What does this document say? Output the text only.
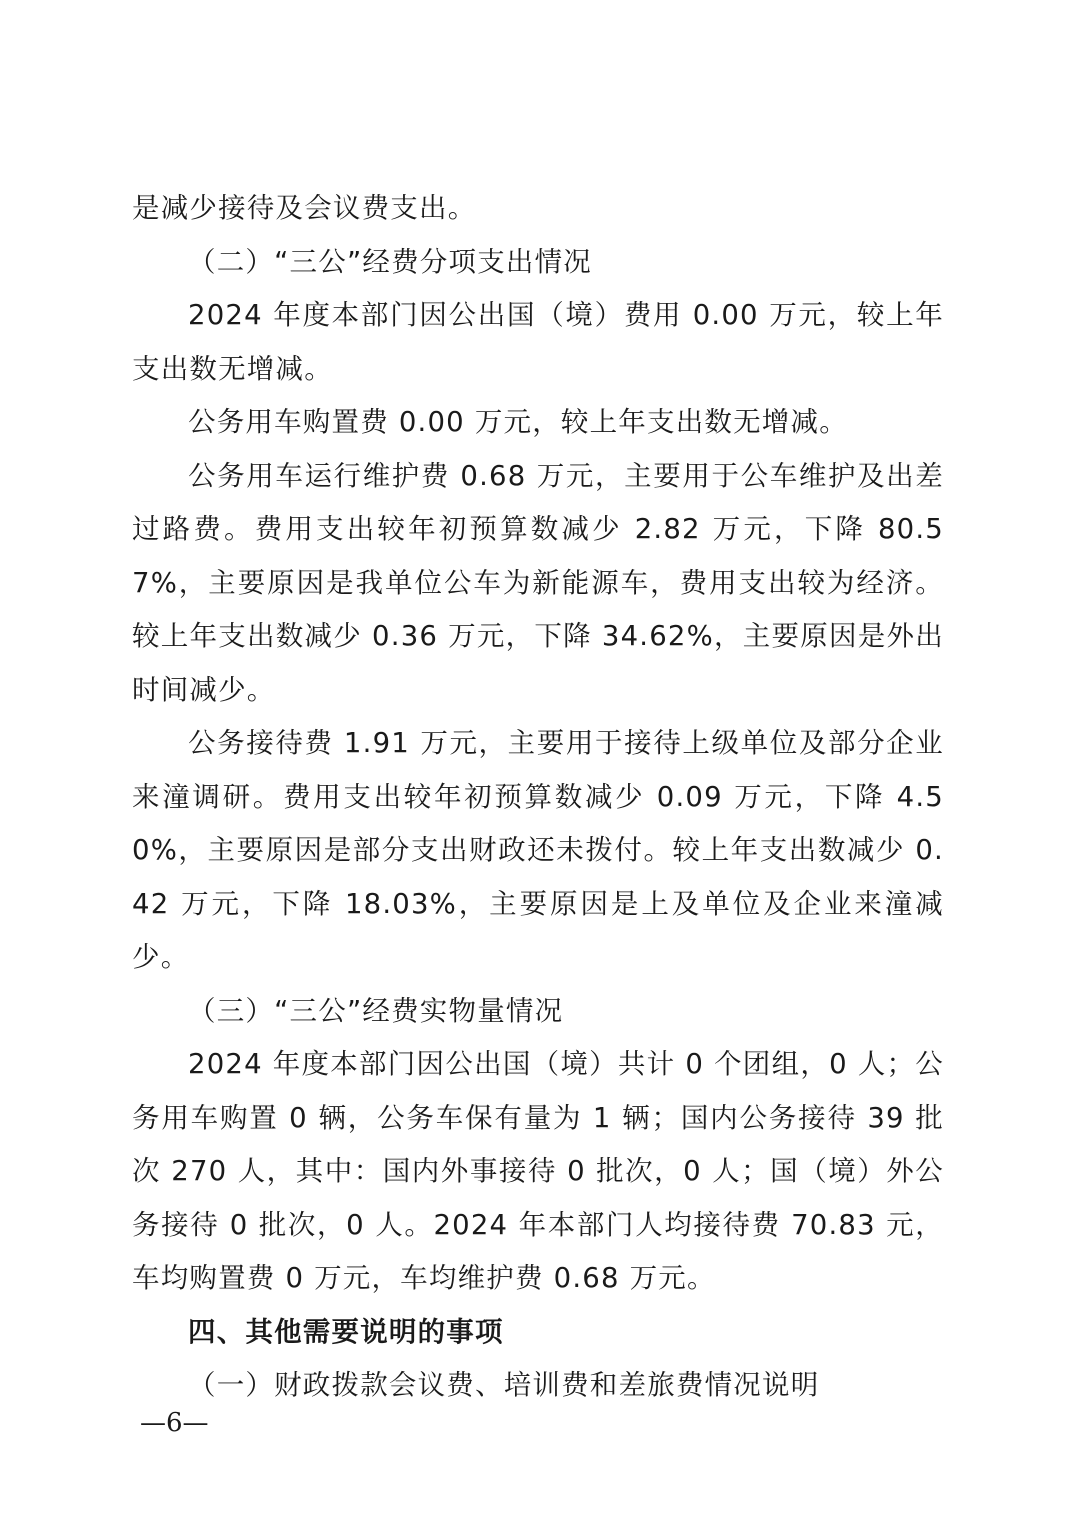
是减少接待及会议费支出。

（二）“三公”经费分项支出情况

2024 年度本部门因公出国（境）费用 0.00 万元，较上年支出数无增减。

公务用车购置费 0.00 万元，较上年支出数无增减。

公务用车运行维护费 0.68 万元，主要用于公车维护及出差过路费。费用支出较年初预算数减少 2.82 万元，下降 80.57%，主要原因是我单位公车为新能源车，费用支出较为经济。较上年支出数减少 0.36 万元，下降 34.62%，主要原因是外出时间减少。

公务接待费 1.91 万元，主要用于接待上级单位及部分企业来潼调研。费用支出较年初预算数减少 0.09 万元，下降 4.50%，主要原因是部分支出财政还未拨付。较上年支出数减少 0.42 万元，下降 18.03%，主要原因是上及单位及企业来潼减少。

（三）“三公”经费实物量情况

2024 年度本部门因公出国（境）共计 0 个团组，0 人；公务用车购置 0 辆，公务车保有量为 1 辆；国内公务接待 39 批次 270 人，其中：国内外事接待 0 批次，0 人；国（境）外公务接待 0 批次，0 人。2024 年本部门人均接待费 70.83 元，车均购置费 0 万元，车均维护费 0.68 万元。

四、其他需要说明的事项

（一）财政拨款会议费、培训费和差旅费情况说明

—6—
